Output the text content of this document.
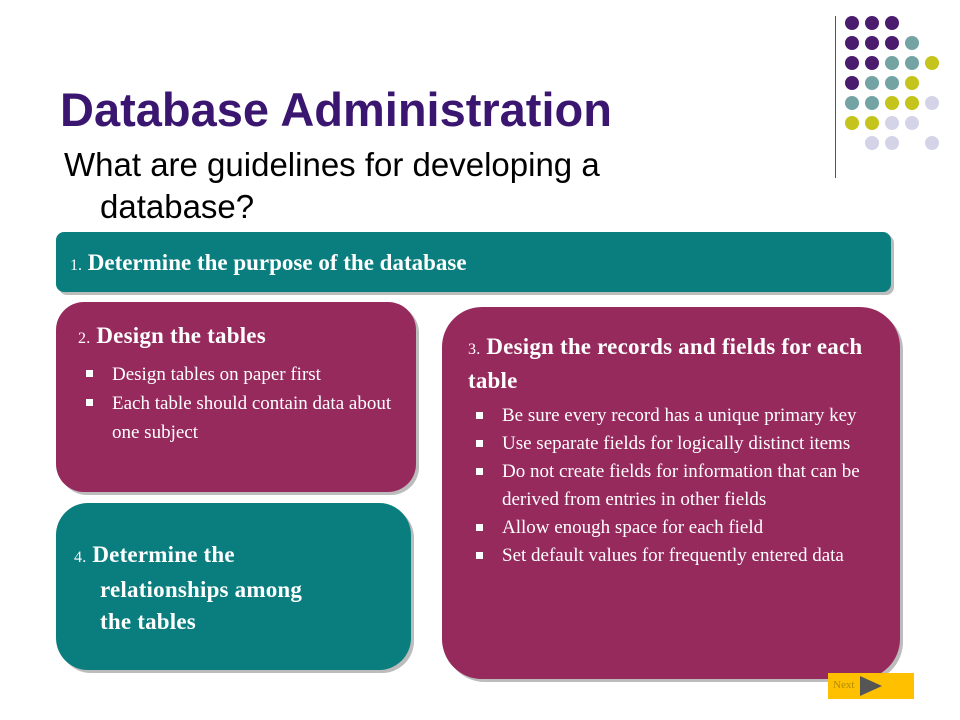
Database Administration
What are guidelines for developing a
database?
1. Determine the purpose of the database
2. Design the tables
Design tables on paper first
Each table should contain data about one subject
3. Design the records and fields for each table
Be sure every record has a unique primary key
Use separate fields for logically distinct items
Do not create fields for information that can be derived from entries in other fields
Allow enough space for each field
Set default values for frequently entered data
4. Determine the
relationships among
the tables
Next
